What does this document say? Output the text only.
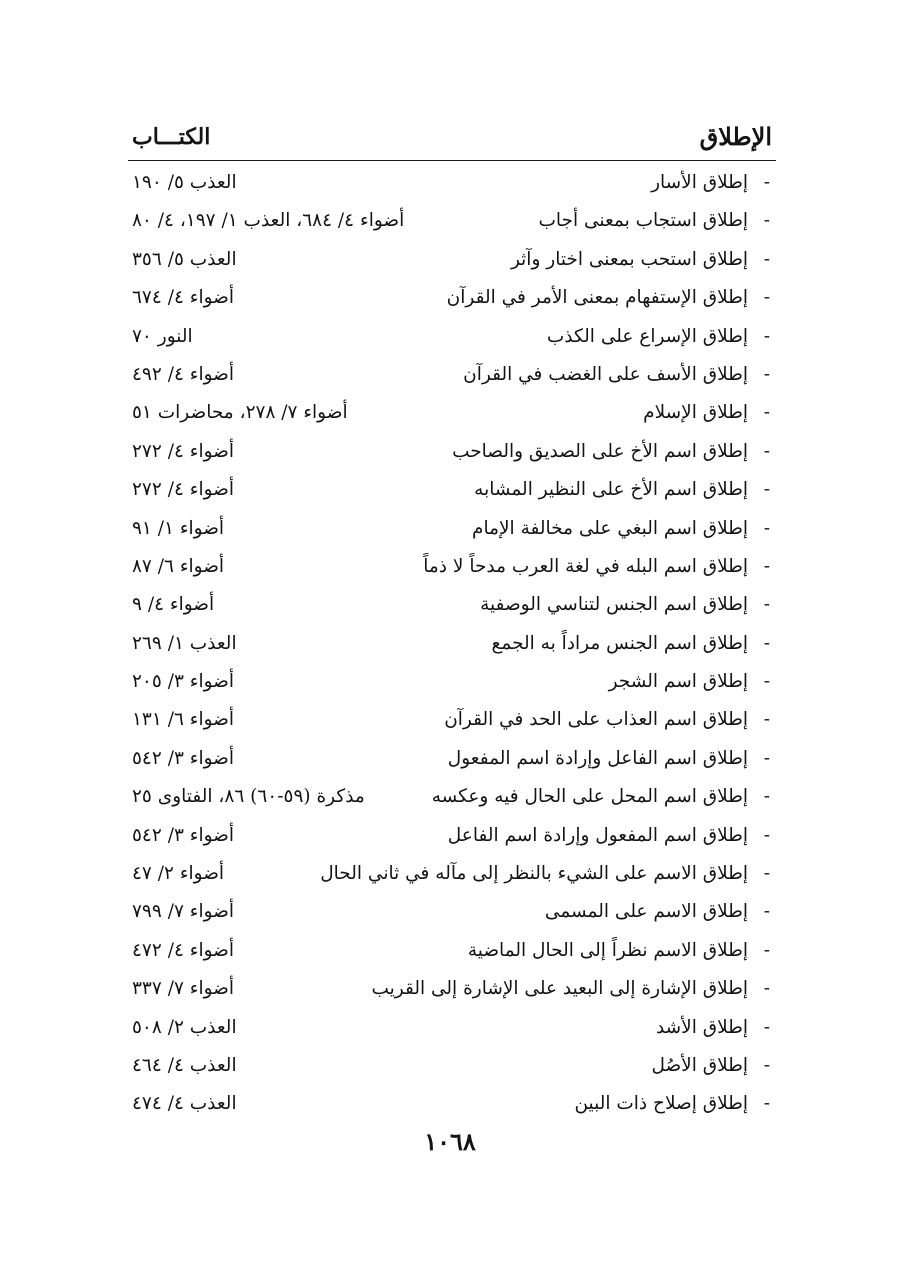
الإطلاق
الكتـــاب
-
إطلاق الأسار
العذب ٥/ ١٩٠
-
إطلاق استجاب بمعنى أجاب
أضواء ٤/ ٦٨٤، العذب ١/ ١٩٧، ٤/ ٨٠
-
إطلاق استحب بمعنى اختار وآثر
العذب ٥/ ٣٥٦
-
إطلاق الإستفهام بمعنى الأمر في القرآن
أضواء ٤/ ٦٧٤
-
إطلاق الإسراع على الكذب
النور ٧٠
-
إطلاق الأسف على الغضب في القرآن
أضواء ٤/ ٤٩٢
-
إطلاق الإسلام
أضواء ٧/ ٢٧٨، محاضرات ٥١
-
إطلاق اسم الأخ على الصديق والصاحب
أضواء ٤/ ٢٧٢
-
إطلاق اسم الأخ على النظير المشابه
أضواء ٤/ ٢٧٢
-
إطلاق اسم البغي على مخالفة الإمام
أضواء ١/ ٩١
-
إطلاق اسم البله في لغة العرب مدحاً لا ذماً
أضواء ٦/ ٨٧
-
إطلاق اسم الجنس لتناسي الوصفية
أضواء ٤/ ٩
-
إطلاق اسم الجنس مراداً به الجمع
العذب ١/ ٢٦٩
-
إطلاق اسم الشجر
أضواء ٣/ ٢٠٥
-
إطلاق اسم العذاب على الحد في القرآن
أضواء ٦/ ١٣١
-
إطلاق اسم الفاعل وإرادة اسم المفعول
أضواء ٣/ ٥٤٢
-
إطلاق اسم المحل على الحال فيه وعكسه
مذكرة (٥٩-٦٠) ٨٦، الفتاوى ٢٥
-
إطلاق اسم المفعول وإرادة اسم الفاعل
أضواء ٣/ ٥٤٢
-
إطلاق الاسم على الشيء بالنظر إلى مآله في ثاني الحال
أضواء ٢/ ٤٧
-
إطلاق الاسم على المسمى
أضواء ٧/ ٧٩٩
-
إطلاق الاسم نظراً إلى الحال الماضية
أضواء ٤/ ٤٧٢
-
إطلاق الإشارة إلى البعيد على الإشارة إلى القريب
أضواء ٧/ ٣٣٧
-
إطلاق الأشد
العذب ٢/ ٥٠٨
-
إطلاق الأصُل
العذب ٤/ ٤٦٤
-
إطلاق إصلاح ذات البين
العذب ٤/ ٤٧٤
١٠٦٨
